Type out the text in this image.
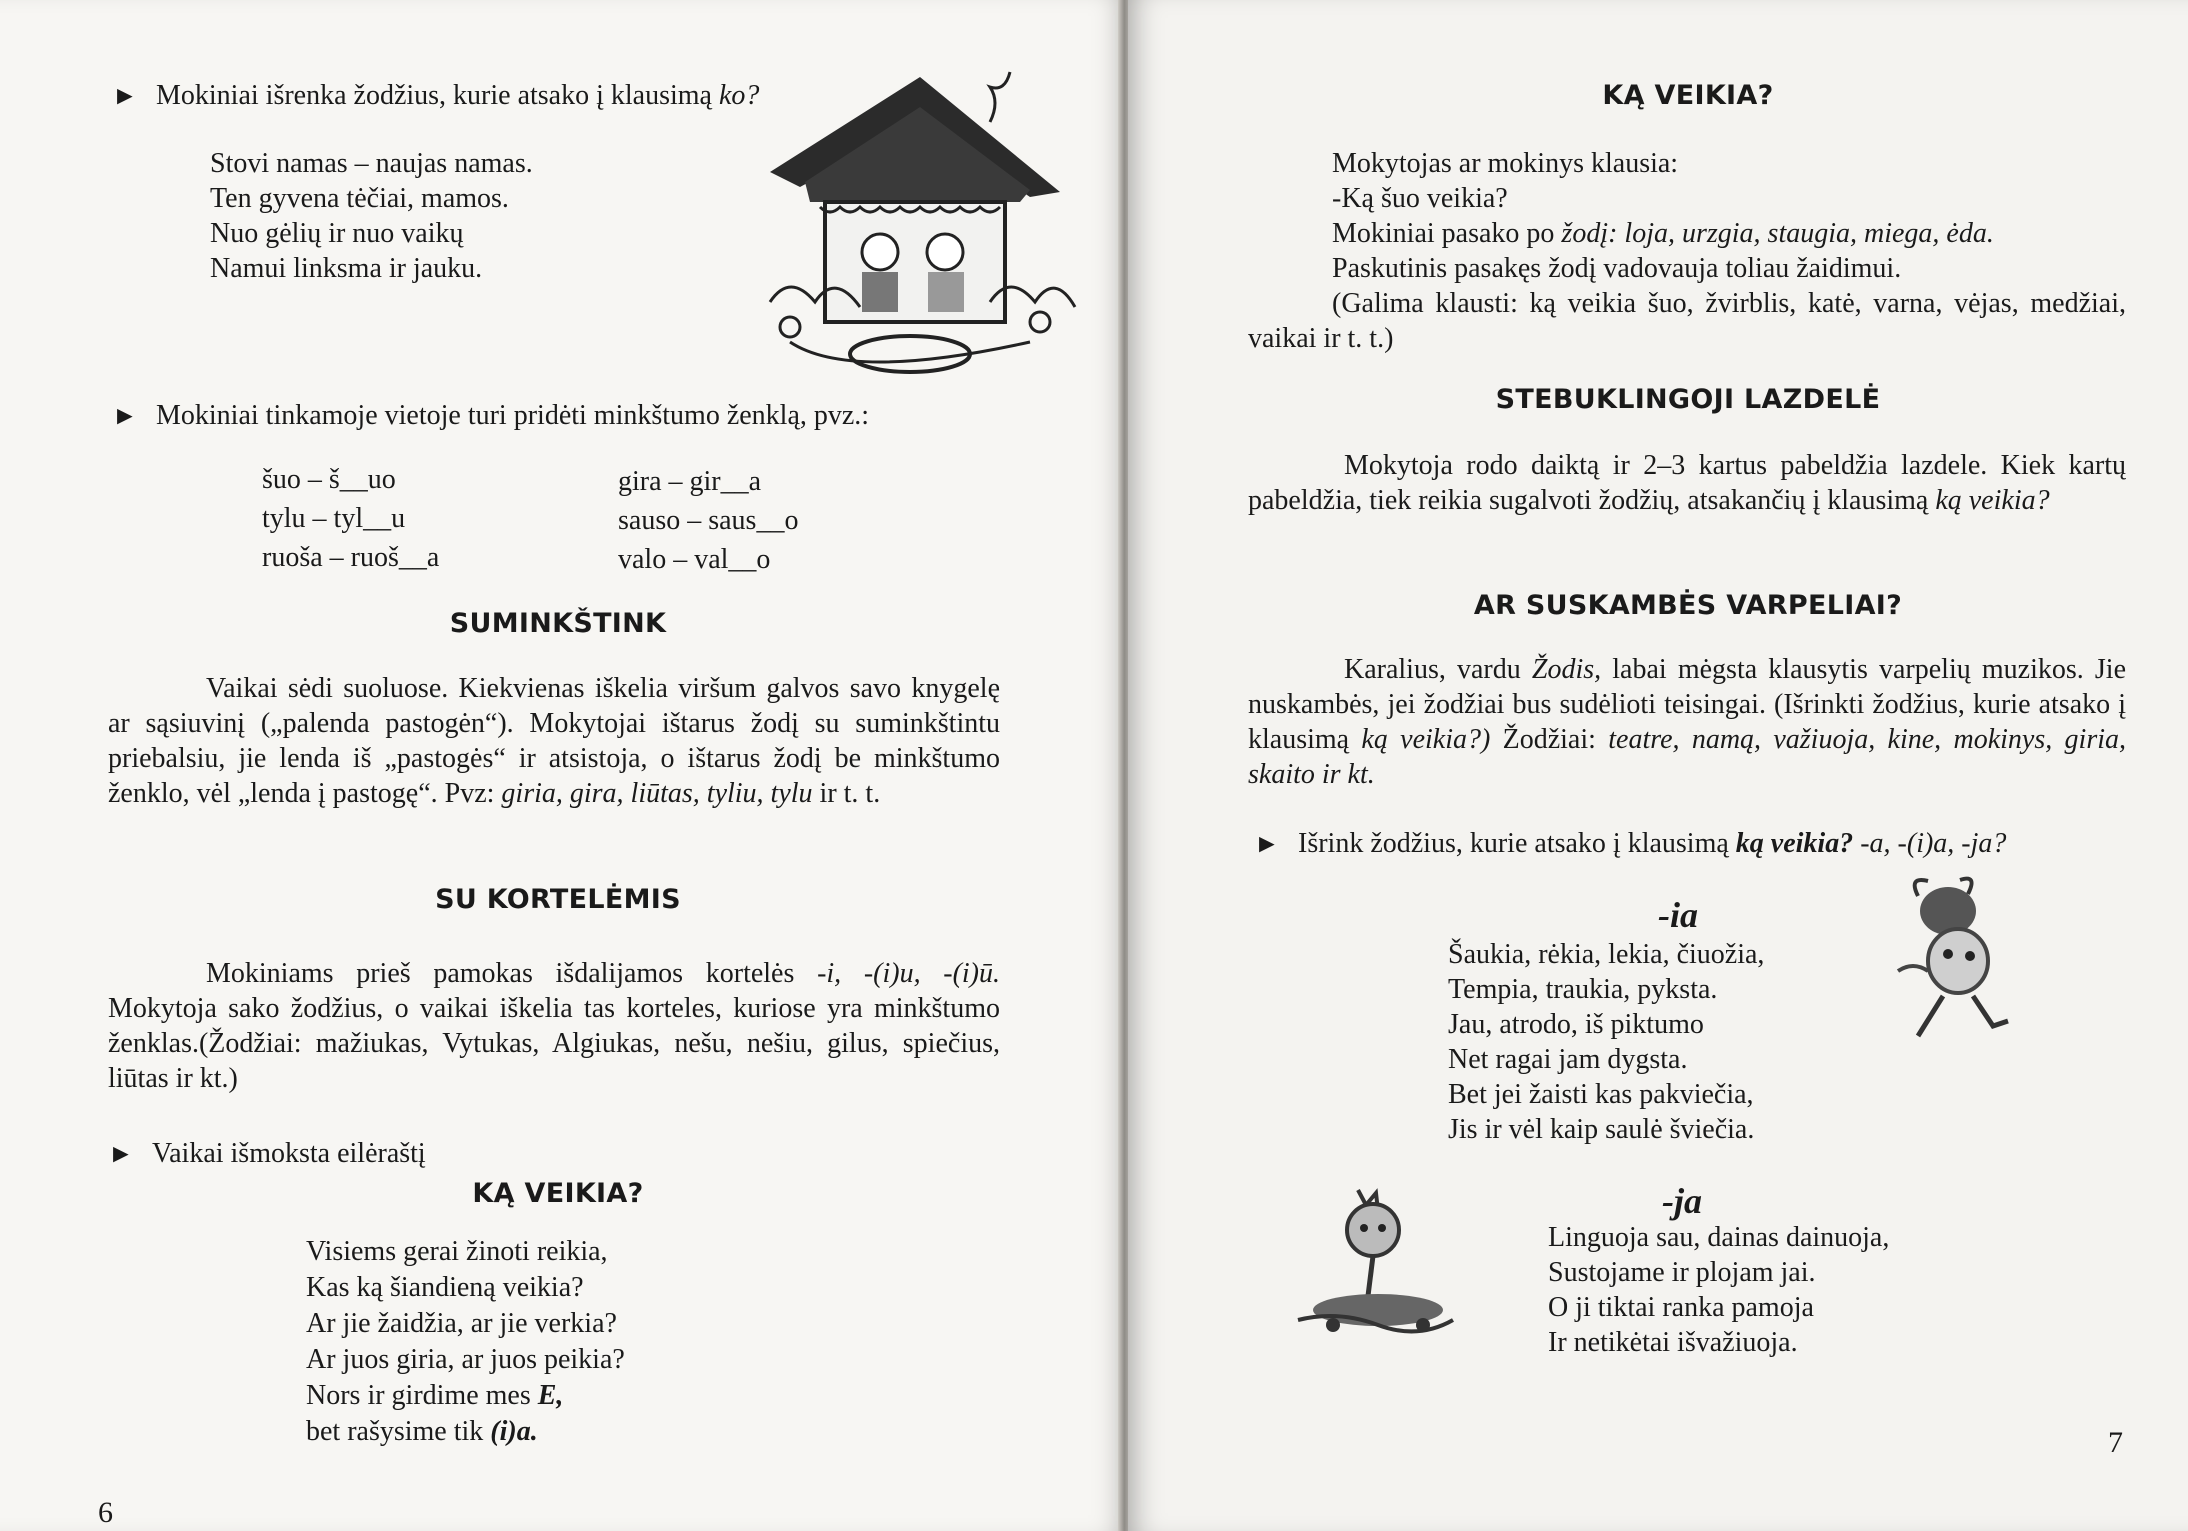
► Mokiniai išrenka žodžius, kurie atsako į klausimą ko?
Stovi namas – naujas namas.
Ten gyvena tėčiai, mamos.
Nuo gėlių ir nuo vaikų
Namui linksma ir jauku.
► Mokiniai tinkamoje vietoje turi pridėti minkštumo ženklą, pvz.:
šuo – š__uo
tylu – tyl__u
ruoša – ruoš__a
gira – gir__a
sauso – saus__o
valo – val__o
SUMINKŠTINK
Vaikai sėdi suoluose. Kiekvienas iškelia viršum galvos savo knygelę ar sąsiuvinį („palenda pastogėn“). Mokytojai ištarus žodį su suminkštintu priebalsiu, jie lenda iš „pastogės“ ir atsistoja, o ištarus žodį be minkštumo ženklo, vėl „lenda į pastogę“. Pvz: giria, gira, liūtas, tyliu, tylu ir t. t.
SU KORTELĖMIS
Mokiniams prieš pamokas išdalijamos kortelės -i, -(i)u, -(i)ū. Mokytoja sako žodžius, o vaikai iškelia tas korteles, kuriose yra minkštumo ženklas.(Žodžiai: mažiukas, Vytukas, Algiukas, nešu, nešiu, gilus, spiečius, liūtas ir kt.)
► Vaikai išmoksta eilėraštį
KĄ VEIKIA?
Visiems gerai žinoti reikia,
Kas ką šiandieną veikia?
Ar jie žaidžia, ar jie verkia?
Ar juos giria, ar juos peikia?
Nors ir girdime mes E,
bet rašysime tik (i)a.
6
KĄ VEIKIA?
Mokytojas ar mokinys klausia:
-Ką šuo veikia?
Mokiniai pasako po žodį: loja, urzgia, staugia, miega, ėda.
Paskutinis pasakęs žodį vadovauja toliau žaidimui.
(Galima klausti: ką veikia šuo, žvirblis, katė, varna, vėjas, medžiai, vaikai ir t. t.)
STEBUKLINGOJI LAZDELĖ
Mokytoja rodo daiktą ir 2–3 kartus pabeldžia lazdele. Kiek kartų pabeldžia, tiek reikia sugalvoti žodžių, atsakančių į klausimą ką veikia?
AR SUSKAMBĖS VARPELIAI?
Karalius, vardu Žodis, labai mėgsta klausytis varpelių muzikos. Jie nuskambės, jei žodžiai bus sudėlioti teisingai. (Išrinkti žodžius, kurie atsako į klausimą ką veikia?) Žodžiai: teatre, namą, važiuoja, kine, mokinys, giria, skaito ir kt.
► Išrink žodžius, kurie atsako į klausimą ką veikia? -a, -(i)a, -ja?
-ia
Šaukia, rėkia, lekia, čiuožia,
Tempia, traukia, pyksta.
Jau, atrodo, iš piktumo
Net ragai jam dygsta.
Bet jei žaisti kas pakviečia,
Jis ir vėl kaip saulė šviečia.
-ja
Linguoja sau, dainas dainuoja,
Sustojame ir plojam jai.
O ji tiktai ranka pamoja
Ir netikėtai išvažiuoja.
7
